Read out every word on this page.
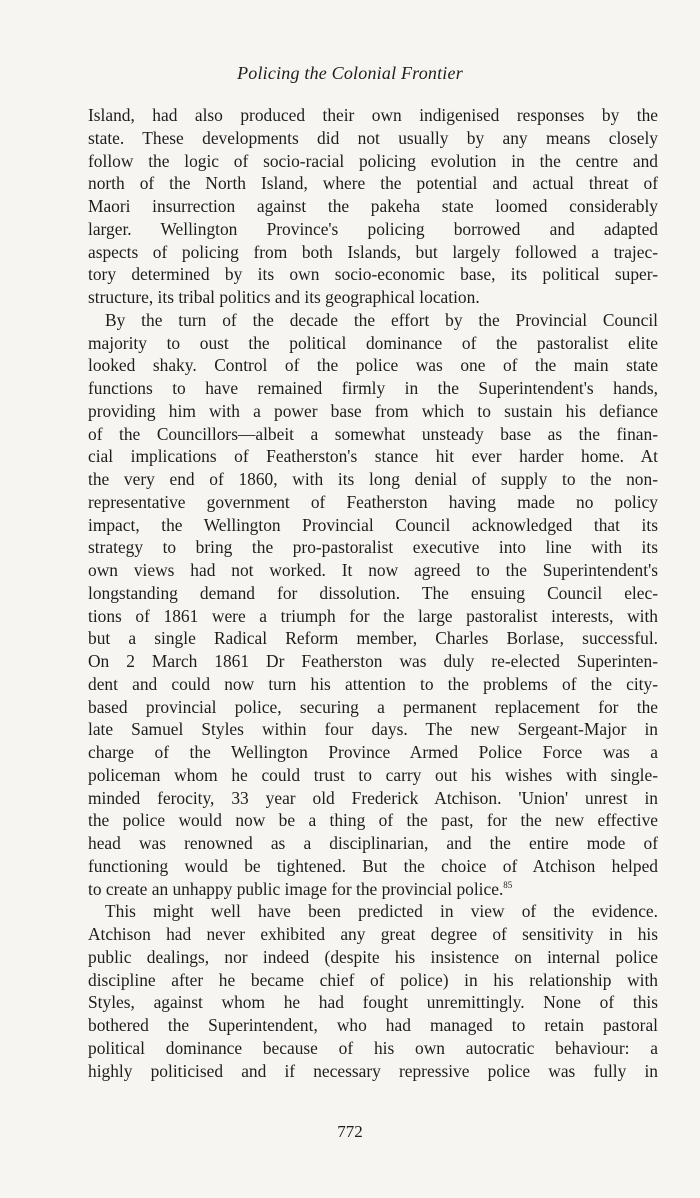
Policing the Colonial Frontier
Island, had also produced their own indigenised responses by the
state. These developments did not usually by any means closely
follow the logic of socio-racial policing evolution in the centre and
north of the North Island, where the potential and actual threat of
Maori insurrection against the pakeha state loomed considerably
larger. Wellington Province's policing borrowed and adapted
aspects of policing from both Islands, but largely followed a trajec-
tory determined by its own socio-economic base, its political super-
structure, its tribal politics and its geographical location.
By the turn of the decade the effort by the Provincial Council
majority to oust the political dominance of the pastoralist elite
looked shaky. Control of the police was one of the main state
functions to have remained firmly in the Superintendent's hands,
providing him with a power base from which to sustain his defiance
of the Councillors—albeit a somewhat unsteady base as the finan-
cial implications of Featherston's stance hit ever harder home. At
the very end of 1860, with its long denial of supply to the non-
representative government of Featherston having made no policy
impact, the Wellington Provincial Council acknowledged that its
strategy to bring the pro-pastoralist executive into line with its
own views had not worked. It now agreed to the Superintendent's
longstanding demand for dissolution. The ensuing Council elec-
tions of 1861 were a triumph for the large pastoralist interests, with
but a single Radical Reform member, Charles Borlase, successful.
On 2 March 1861 Dr Featherston was duly re-elected Superinten-
dent and could now turn his attention to the problems of the city-
based provincial police, securing a permanent replacement for the
late Samuel Styles within four days. The new Sergeant-Major in
charge of the Wellington Province Armed Police Force was a
policeman whom he could trust to carry out his wishes with single-
minded ferocity, 33 year old Frederick Atchison. 'Union' unrest in
the police would now be a thing of the past, for the new effective
head was renowned as a disciplinarian, and the entire mode of
functioning would be tightened. But the choice of Atchison helped
to create an unhappy public image for the provincial police.$^{85}$
This might well have been predicted in view of the evidence.
Atchison had never exhibited any great degree of sensitivity in his
public dealings, nor indeed (despite his insistence on internal police
discipline after he became chief of police) in his relationship with
Styles, against whom he had fought unremittingly. None of this
bothered the Superintendent, who had managed to retain pastoral
political dominance because of his own autocratic behaviour: a
highly politicised and if necessary repressive police was fully in
772
